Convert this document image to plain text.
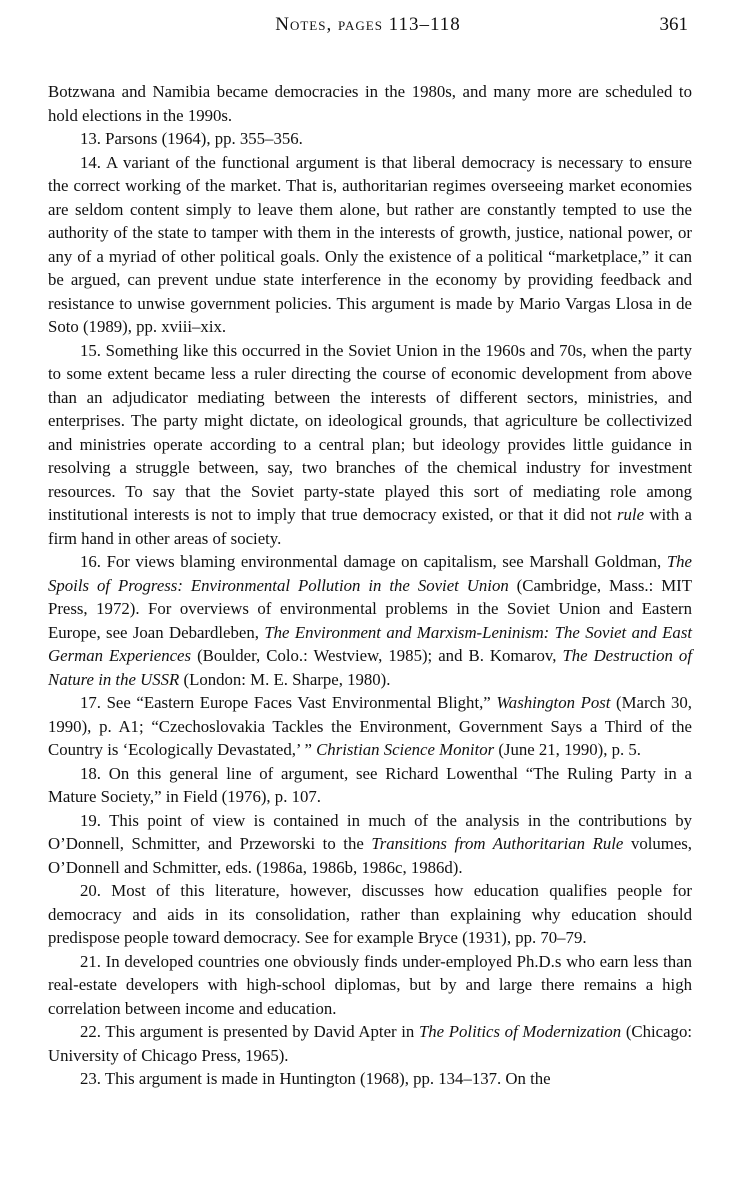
Notes, pages 113–118	361

Botzwana and Namibia became democracies in the 1980s, and many more are scheduled to hold elections in the 1990s.

13. Parsons (1964), pp. 355–356.

14. A variant of the functional argument is that liberal democracy is necessary to ensure the correct working of the market. That is, authoritarian regimes overseeing market economies are seldom content simply to leave them alone, but rather are constantly tempted to use the authority of the state to tamper with them in the interests of growth, justice, national power, or any of a myriad of other political goals. Only the existence of a political “marketplace,” it can be argued, can prevent undue state interference in the economy by providing feedback and resistance to unwise government policies. This argument is made by Mario Vargas Llosa in de Soto (1989), pp. xviii–xix.

15. Something like this occurred in the Soviet Union in the 1960s and 70s, when the party to some extent became less a ruler directing the course of economic development from above than an adjudicator mediating between the interests of different sectors, ministries, and enterprises. The party might dictate, on ideological grounds, that agriculture be collectivized and ministries operate according to a central plan; but ideology provides little guidance in resolving a struggle between, say, two branches of the chemical industry for investment resources. To say that the Soviet party-state played this sort of mediating role among institutional interests is not to imply that true democracy existed, or that it did not rule with a firm hand in other areas of society.

16. For views blaming environmental damage on capitalism, see Marshall Goldman, The Spoils of Progress: Environmental Pollution in the Soviet Union (Cambridge, Mass.: MIT Press, 1972). For overviews of environmental problems in the Soviet Union and Eastern Europe, see Joan Debardleben, The Environment and Marxism-Leninism: The Soviet and East German Experiences (Boulder, Colo.: Westview, 1985); and B. Komarov, The Destruction of Nature in the USSR (London: M. E. Sharpe, 1980).

17. See “Eastern Europe Faces Vast Environmental Blight,” Washington Post (March 30, 1990), p. A1; “Czechoslovakia Tackles the Environment, Government Says a Third of the Country is ‘Ecologically Devastated,’ ” Christian Science Monitor (June 21, 1990), p. 5.

18. On this general line of argument, see Richard Lowenthal “The Ruling Party in a Mature Society,” in Field (1976), p. 107.

19. This point of view is contained in much of the analysis in the contributions by O’Donnell, Schmitter, and Przeworski to the Transitions from Authoritarian Rule volumes, O’Donnell and Schmitter, eds. (1986a, 1986b, 1986c, 1986d).

20. Most of this literature, however, discusses how education qualifies people for democracy and aids in its consolidation, rather than explaining why education should predispose people toward democracy. See for example Bryce (1931), pp. 70–79.

21. In developed countries one obviously finds under-employed Ph.D.s who earn less than real-estate developers with high-school diplomas, but by and large there remains a high correlation between income and education.

22. This argument is presented by David Apter in The Politics of Modernization (Chicago: University of Chicago Press, 1965).

23. This argument is made in Huntington (1968), pp. 134–137. On the
